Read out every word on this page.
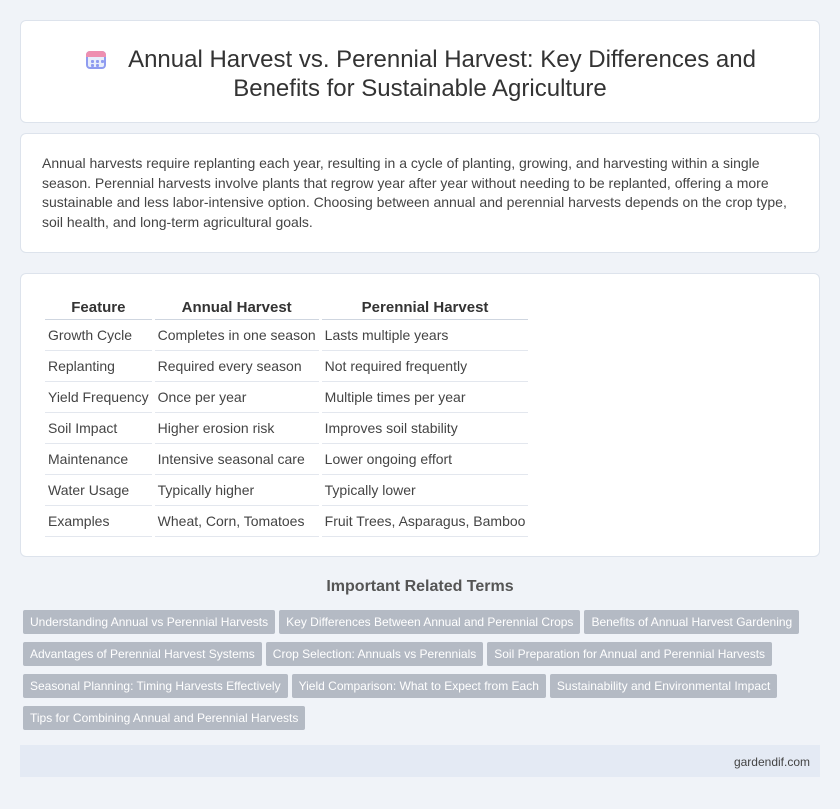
Annual Harvest vs. Perennial Harvest: Key Differences and
Benefits for Sustainable Agriculture

Annual harvests require replanting each year, resulting in a cycle of planting, growing, and harvesting within a single season. Perennial harvests involve plants that regrow year after year without needing to be replanted, offering a more sustainable and less labor-intensive option. Choosing between annual and perennial harvests depends on the crop type, soil health, and long-term agricultural goals.

Feature	Annual Harvest	Perennial Harvest
Growth Cycle	Completes in one season	Lasts multiple years
Replanting	Required every season	Not required frequently
Yield Frequency	Once per year	Multiple times per year
Soil Impact	Higher erosion risk	Improves soil stability
Maintenance	Intensive seasonal care	Lower ongoing effort
Water Usage	Typically higher	Typically lower
Examples	Wheat, Corn, Tomatoes	Fruit Trees, Asparagus, Bamboo
Important Related Terms
Understanding Annual vs Perennial Harvests Key Differences Between Annual and Perennial Crops Benefits of Annual Harvest GardeningAdvantages of Perennial Harvest Systems Crop Selection: Annuals vs Perennials Soil Preparation for Annual and Perennial HarvestsSeasonal Planning: Timing Harvests Effectively Yield Comparison: What to Expect from Each Sustainability and Environmental ImpactTips for Combining Annual and Perennial Harvests
gardendif.com
